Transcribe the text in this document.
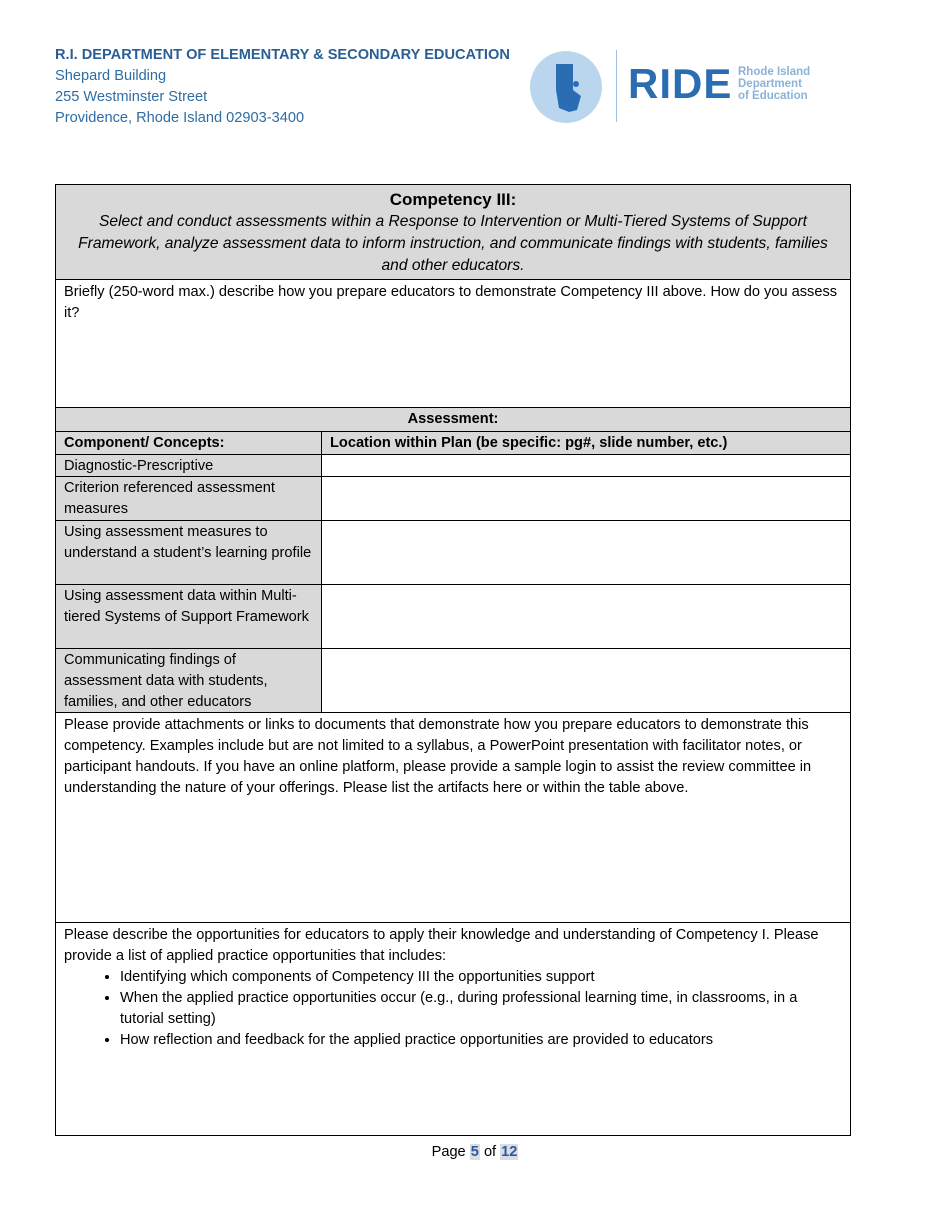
R.I. DEPARTMENT OF ELEMENTARY & SECONDARY EDUCATION
Shepard Building
255 Westminster Street
Providence, Rhode Island 02903-3400
RIDE Rhode Island
Department
of Education
Competency III:
Select and conduct assessments within a Response to Intervention or Multi-Tiered Systems of Support Framework, analyze assessment data to inform instruction, and communicate findings with students, families and other educators.
Briefly (250-word max.) describe how you prepare educators to demonstrate Competency III above. How do you assess it?
Assessment:
Component/ Concepts:	Location within Plan (be specific: pg#, slide number, etc.)
Diagnostic-Prescriptive
Criterion referenced assessment measures
Using assessment measures to understand a student’s learning profile
Using assessment data within Multi-tiered Systems of Support Framework
Communicating findings of assessment data with students, families, and other educators
Please provide attachments or links to documents that demonstrate how you prepare educators to demonstrate this competency. Examples include but are not limited to a syllabus, a PowerPoint presentation with facilitator notes, or participant handouts. If you have an online platform, please provide a sample login to assist the review committee in understanding the nature of your offerings. Please list the artifacts here or within the table above.
Please describe the opportunities for educators to apply their knowledge and understanding of Competency I. Please provide a list of applied practice opportunities that includes:
• Identifying which components of Competency III the opportunities support
• When the applied practice opportunities occur (e.g., during professional learning time, in classrooms, in a tutorial setting)
• How reflection and feedback for the applied practice opportunities are provided to educators
Page 5 of 12
